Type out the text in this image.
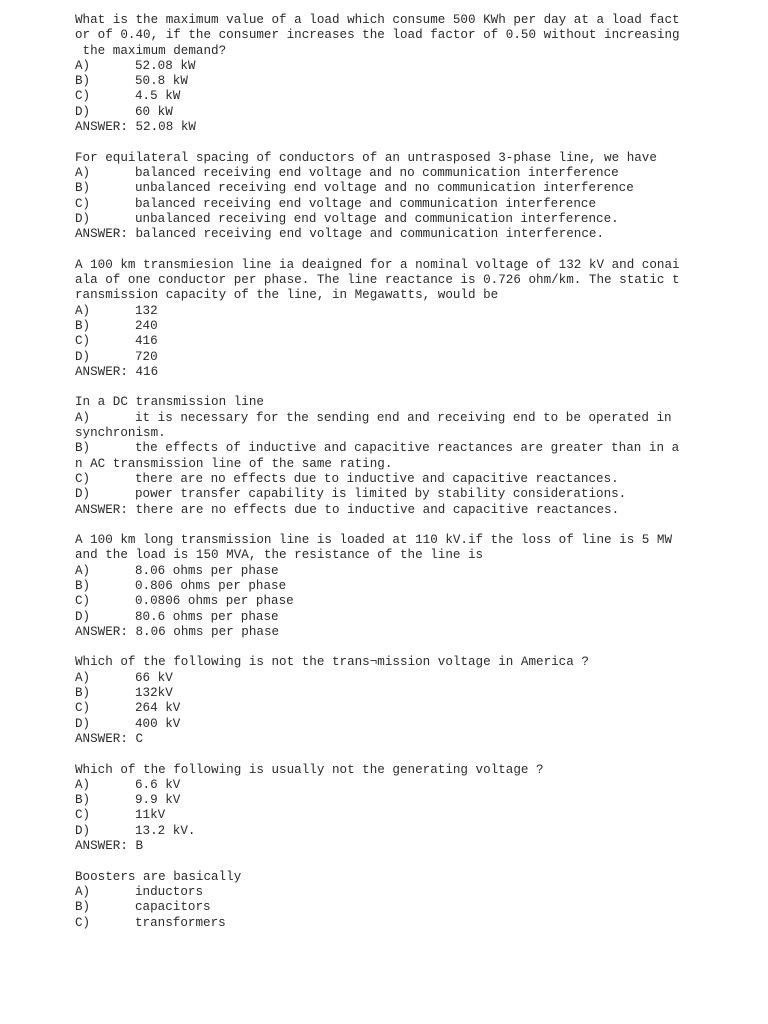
What is the maximum value of a load which consume 500 KWh per day at a load fact
or of 0.40, if the consumer increases the load factor of 0.50 without increasing
the maximum demand?
A)	52.08 kW
B)	50.8 kW
C)	4.5 kW
D)	60 kW
ANSWER: 52.08 kW
For equilateral spacing of conductors of an untrasposed 3-phase line, we have
A)	balanced receiving end voltage and no communication interference
B)	unbalanced receiving end voltage and no communication interference
C)	balanced receiving end voltage and communication interference
D)	unbalanced receiving end voltage and communication interference.
ANSWER: balanced receiving end voltage and communication interference.
A 100 km transmiesion line ia deaigned for a nominal voltage of 132 kV and conai
ala of one conductor per phase. The line reactance is 0.726 ohm/km. The static t
ransmission capacity of the line, in Megawatts, would be
A)	132
B)	240
C)	416
D)	720
ANSWER: 416
In a DC transmission line
A)	it is necessary for the sending end and receiving end to be operated in
synchronism.
B)	the effects of inductive and capacitive reactances are greater than in a
n AC transmission line of the same rating.
C)	there are no effects due to inductive and capacitive reactances.
D)	power transfer capability is limited by stability considerations.
ANSWER: there are no effects due to inductive and capacitive reactances.
A 100 km long transmission line is loaded at 110 kV.if the loss of line is 5 MW
and the load is 150 MVA, the resistance of the line is
A)	8.06 ohms per phase
B)	0.806 ohms per phase
C)	0.0806 ohms per phase
D)	80.6 ohms per phase
ANSWER: 8.06 ohms per phase
Which of the following is not the trans¬mission voltage in America ?
A)	66 kV
B)	132kV
C)	264 kV
D)	400 kV
ANSWER: C
Which of the following is usually not the generating voltage ?
A)	6.6 kV
B)	9.9 kV
C)	11kV
D)	13.2 kV.
ANSWER: B
Boosters are basically
A)	inductors
B)	capacitors
C)	transformers
